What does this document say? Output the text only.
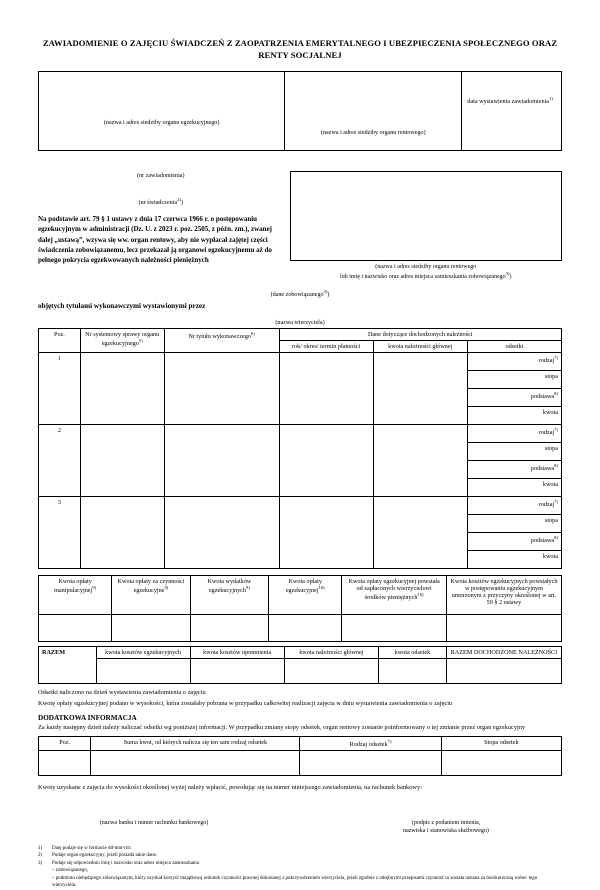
ZAWIADOMIENIE O ZAJĘCIU ŚWIADCZEŃ Z ZAOPATRZENIA EMERYTALNEGO I UBEZPIECZENIA SPOŁECZNEGO ORAZ RENTY SOCJALNEJ
(nazwa i adres siedziby organu egzekucyjnego)
(nazwa i adres siedziby organu rentowego)
data wystawienia zawiadomienia$^{1)}$
(nr zawiadomienia)
(nr świadczenia$^{2)}$)
Na podstawie art. 79 § 1 ustawy z dnia 17 czerwca 1966 r. o postępowaniu egzekucyjnym w administracji (Dz. U. z 2023 r. poz. 2505, z późn. zm.), zwanej dalej „ustawą”, wzywa się ww. organ rentowy, aby nie wypłacał zajętej części świadczenia zobowiązanemu, lecz przekazał ją organowi egzekucyjnemu aż do pełnego pokrycia egzekwowanych należności pieniężnych
(nazwa i adres siedziby organu rentowego
lub imię i nazwisko oraz adres miejsca zamieszkania zobowiązanego$^{3)}$)
(dane zobowiązanego$^{4)}$)
objętych tytułami wykonawczymi wystawionymi przez
(nazwa wierzyciela)
Poz.	Nr systemowy sprawy organu egzekucyjnego$^{5)}$	Nr tytułu wykonawczego$^{6)}$	Dane dotyczące dochodzonych należności		
			rok/ okres/ termin płatności	kwota należności głównej	odsetki
1					rodzaj$^{7)}$
					stopa
					podstawa$^{8)}$
					kwota
2					rodzaj$^{7)}$
					stopa
					podstawa$^{8)}$
					kwota
3					rodzaj$^{7)}$
					stopa
					podstawa$^{8)}$
					kwota
Kwota opłaty manipulacyjnej$^{9)}$	Kwota opłaty za czynności egzekucyjne$^{9)}$	Kwota wydatków egzekucyjnych$^{9)}$	Kwota opłaty egzekucyjnej$^{10)}$	Kwota opłaty egzekucyjnej powstała od zapłaconych wierzycielowi środków pieniężnych$^{10)}$	Kwota kosztów egzekucyjnych powstałych w postępowaniu egzekucyjnym umorzonym z przyczyny określonej w art. 59 § 2 ustawy

RAZEM	kwota kosztów egzekucyjnych	kwota kosztów upomnienia	kwota należności głównej	kwota odsetek	RAZEM DOCHODZONE NALEŻNOŚCI

Odsetki naliczono na dzień wystawienia zawiadomienia o zajęciu
Kwotę opłaty egzekucyjnej podano w wysokości, która zostałaby pobrana w przypadku całkowitej realizacji zajęcia w dniu wystawienia zawiadomienia o zajęciu
DODATKOWA INFORMACJA
Za każdy następny dzień należy naliczać odsetki wg poniższej informacji. W przypadku zmiany stopy odsetek, organ rentowy zostanie poinformowany o tej zmianie przez organ egzekucyjny
Poz.	Suma kwot, od których nalicza się ten sam rodzaj odsetek	Rodzaj odsetek$^{7)}$	Stopa odsetek

Kwoty uzyskane z zajęcia do wysokości określonej wyżej należy wpłacić, powołując się na numer niniejszego zawiadomienia, na rachunek bankowy:
(nazwa banku i numer rachunku bankowego)	(podpis z podaniem imienia,
nazwiska i stanowiska służbowego)
1)	Datę podaje się w formacie dd-mm-rrrr.
2)	Podaje organ egzekucyjny, jeżeli posiada takie dane.
3)	Podaje się odpowiednio imię i nazwisko oraz adres miejsca zamieszkania
– zobowiązanego,
– podmiotu niebędącego zobowiązanym, który uzyskał korzyść majątkową wskutek czynności prawnej dokonanej z pokrzywdzeniem wierzyciela, jeżeli zgodnie z odrębnymi przepisami czynność ta została uznana za bezskuteczną wobec tego wierzyciela.
